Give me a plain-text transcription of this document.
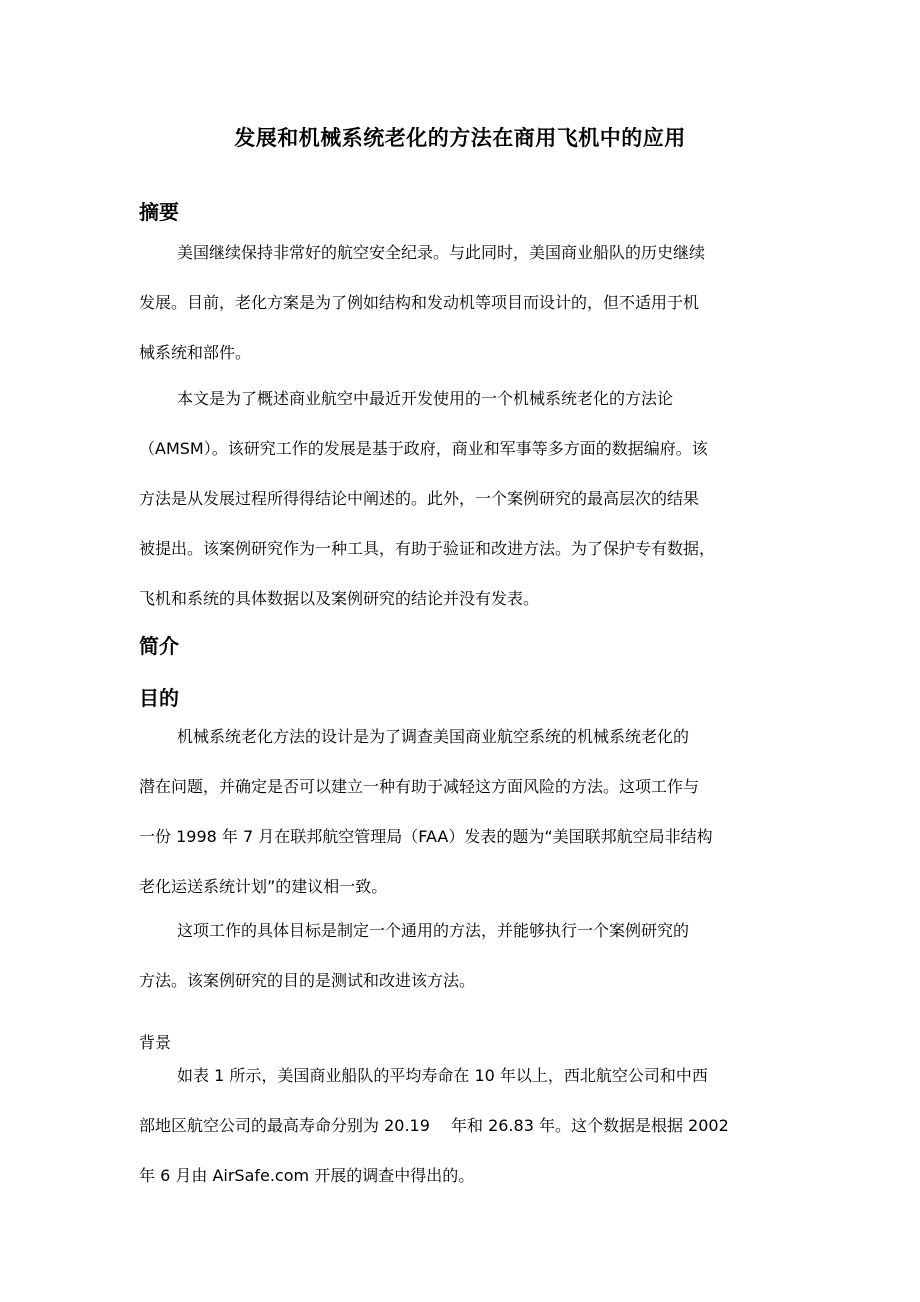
发展和机械系统老化的方法在商用飞机中的应用
摘要
美国继续保持非常好的航空安全纪录。与此同时，美国商业船队的历史继续
发展。目前，老化方案是为了例如结构和发动机等项目而设计的，但不适用于机
械系统和部件。
本文是为了概述商业航空中最近开发使用的一个机械系统老化的方法论
（AMSM）。该研究工作的发展是基于政府，商业和军事等多方面的数据编府。该
方法是从发展过程所得得结论中阐述的。此外，一个案例研究的最高层次的结果
被提出。该案例研究作为一种工具，有助于验证和改进方法。为了保护专有数据，
飞机和系统的具体数据以及案例研究的结论并没有发表。
简介
目的
机械系统老化方法的设计是为了调查美国商业航空系统的机械系统老化的
潜在问题，并确定是否可以建立一种有助于减轻这方面风险的方法。这项工作与
一份 1998 年 7 月在联邦航空管理局（FAA）发表的题为“美国联邦航空局非结构
老化运送系统计划”的建议相一致。
这项工作的具体目标是制定一个通用的方法，并能够执行一个案例研究的
方法。该案例研究的目的是测试和改进该方法。
背景
如表 1 所示，美国商业船队的平均寿命在 10 年以上，西北航空公司和中西
部地区航空公司的最高寿命分别为 20.19　 年和 26.83 年。这个数据是根据 2002
年 6 月由 AirSafe.com 开展的调查中得出的。
